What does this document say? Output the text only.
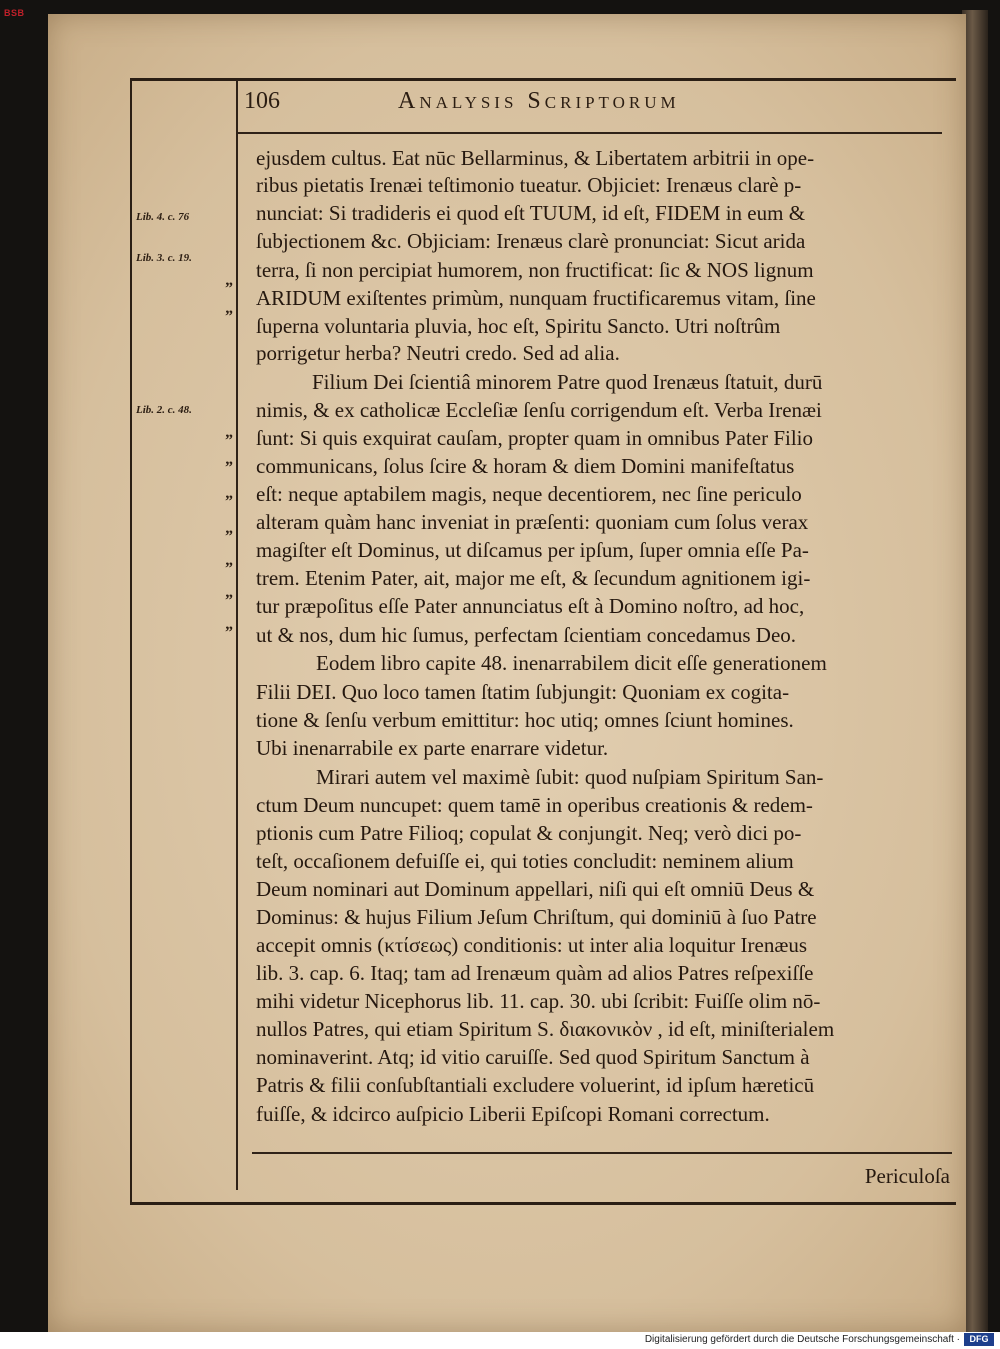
BSB
106	Analysis Scriptorum
Lib. 4. c. 76
Lib. 3. c. 19.
Lib. 2. c. 48.
”
”
”
”
”
”
”
”
”
ejusdem cultus. Eat nūc Bellarminus, & Libertatem arbitrii in ope-
ribus pietatis Irenæi teſtimonio tueatur. Objiciet: Irenæus clarè p-
nunciat: Si tradideris ei quod eſt TUUM, id eſt, FIDEM in eum &
ſubjectionem &c. Objiciam: Irenæus clarè pronunciat: Sicut arida
terra, ſi non percipiat humorem, non fructificat: ſic & NOS lignum
ARIDUM exiſtentes primùm, nunquam fructificaremus vitam, ſine
ſuperna voluntaria pluvia, hoc eſt, Spiritu Sancto. Utri noſtrûm
porrigetur herba? Neutri credo. Sed ad alia.
Filium Dei ſcientiâ minorem Patre quod Irenæus ſtatuit, durū
nimis, & ex catholicæ Eccleſiæ ſenſu corrigendum eſt. Verba Irenæi
ſunt: Si quis exquirat cauſam, propter quam in omnibus Pater Filio
communicans, ſolus ſcire & horam & diem Domini manifeſtatus
eſt: neque aptabilem magis, neque decentiorem, nec ſine periculo
alteram quàm hanc inveniat in præſenti: quoniam cum ſolus verax
magiſter eſt Dominus, ut diſcamus per ipſum, ſuper omnia eſſe Pa-
trem. Etenim Pater, ait, major me eſt, & ſecundum agnitionem igi-
tur præpoſitus eſſe Pater annunciatus eſt à Domino noſtro, ad hoc,
ut & nos, dum hic ſumus, perfectam ſcientiam concedamus Deo.
Eodem libro capite 48. inenarrabilem dicit eſſe generationem
Filii DEI. Quo loco tamen ſtatim ſubjungit: Quoniam ex cogita-
tione & ſenſu verbum emittitur: hoc utiq; omnes ſciunt homines.
Ubi inenarrabile ex parte enarrare videtur.
Mirari autem vel maximè ſubit: quod nuſpiam Spiritum San-
ctum Deum nuncupet: quem tamē in operibus creationis & redem-
ptionis cum Patre Filioq; copulat & conjungit. Neq; verò dici po-
teſt, occaſionem defuiſſe ei, qui toties concludit: neminem alium
Deum nominari aut Dominum appellari, niſi qui eſt omniū Deus &
Dominus: & hujus Filium Jeſum Chriſtum, qui dominiū à ſuo Patre
accepit omnis (κτίσεως) conditionis: ut inter alia loquitur Irenæus
lib. 3. cap. 6. Itaq; tam ad Irenæum quàm ad alios Patres reſpexiſſe
mihi videtur Nicephorus lib. 11. cap. 30. ubi ſcribit: Fuiſſe olim nō-
nullos Patres, qui etiam Spiritum S. διακονικὸν , id eſt, miniſterialem
nominaverint. Atq; id vitio caruiſſe. Sed quod Spiritum Sanctum à
Patris & filii conſubſtantiali excludere voluerint, id ipſum hæreticū
fuiſſe, & idcirco auſpicio Liberii Epiſcopi Romani correctum.
Periculoſa
Digitalisierung gefördert durch die Deutsche Forschungsgemeinschaft ·	DFG
